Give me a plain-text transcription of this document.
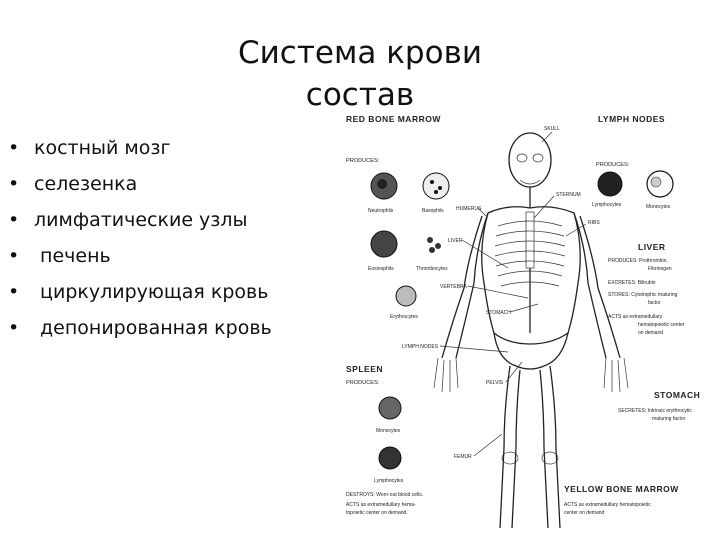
Система крови
состав
• костный мозг
• селезенка
• лимфатические узлы
• печень
• циркулирующая кровь
• депонированная кровь
RED BONE MARROW
PRODUCES:
Neutrophils	Basophils
Eosinophils	Thrombocytes
Erythrocytes
LYMPH NODES
PRODUCES:
Lymphocytes	Monocytes
LIVER
PRODUCES: Prothrombin,
Fibrinogen
EXCRETES: Bilirubin
STORES: Cytotrophic maturing
factor
ACTS as extramedullary
hematopoietic center
on demand
SPLEEN
PRODUCES:
Monocytes
Lymphocytes
DESTROYS: Worn-out blood cells.
ACTS as extramedullary hema-
topoietic center on demand.
STOMACH
SECRETES: Intrinsic erythrocytic
maturing factor
YELLOW BONE MARROW
ACTS as extramedullary hematopoietic
center on demand
SKULL
HUMERUS
STERNUM
RIBS
LIVER
VERTEBRA
STOMACH
LYMPH NODES
PELVIS
FEMUR
